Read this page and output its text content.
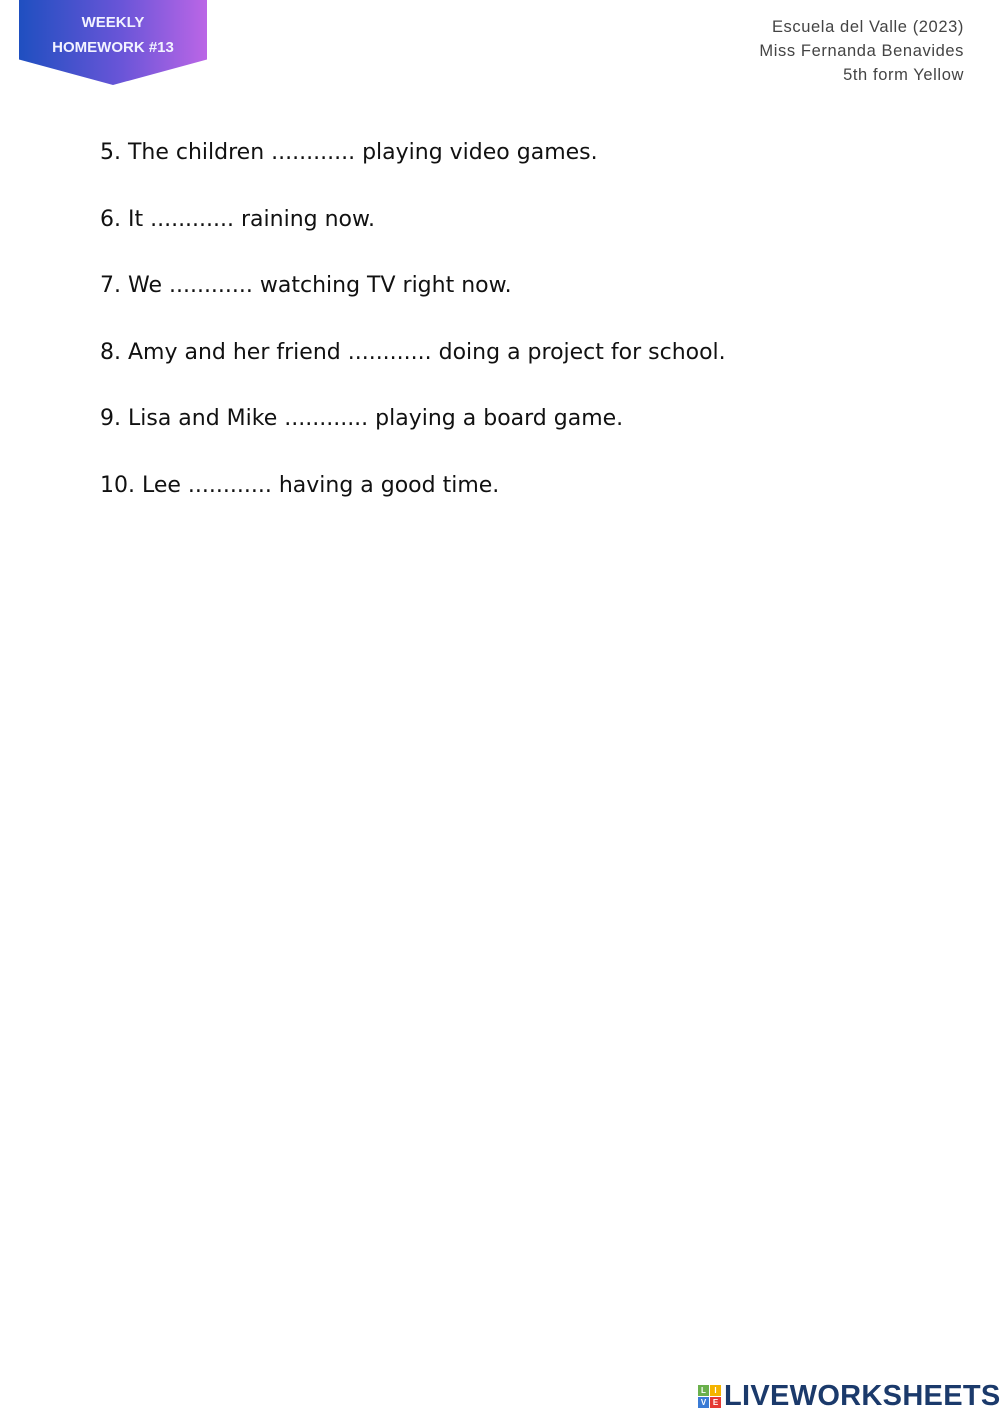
WEEKLY
HOMEWORK #13
Escuela del Valle (2023)
Miss Fernanda Benavides
5th form Yellow
5. The children ............ playing video games.
6. It ............ raining now.
7. We ............ watching TV right now.
8. Amy and her friend ............ doing a project for school.
9. Lisa and Mike ............ playing a board game.
10. Lee ............ having a good time.
L	I
V E LIVEWORKSHEETS
